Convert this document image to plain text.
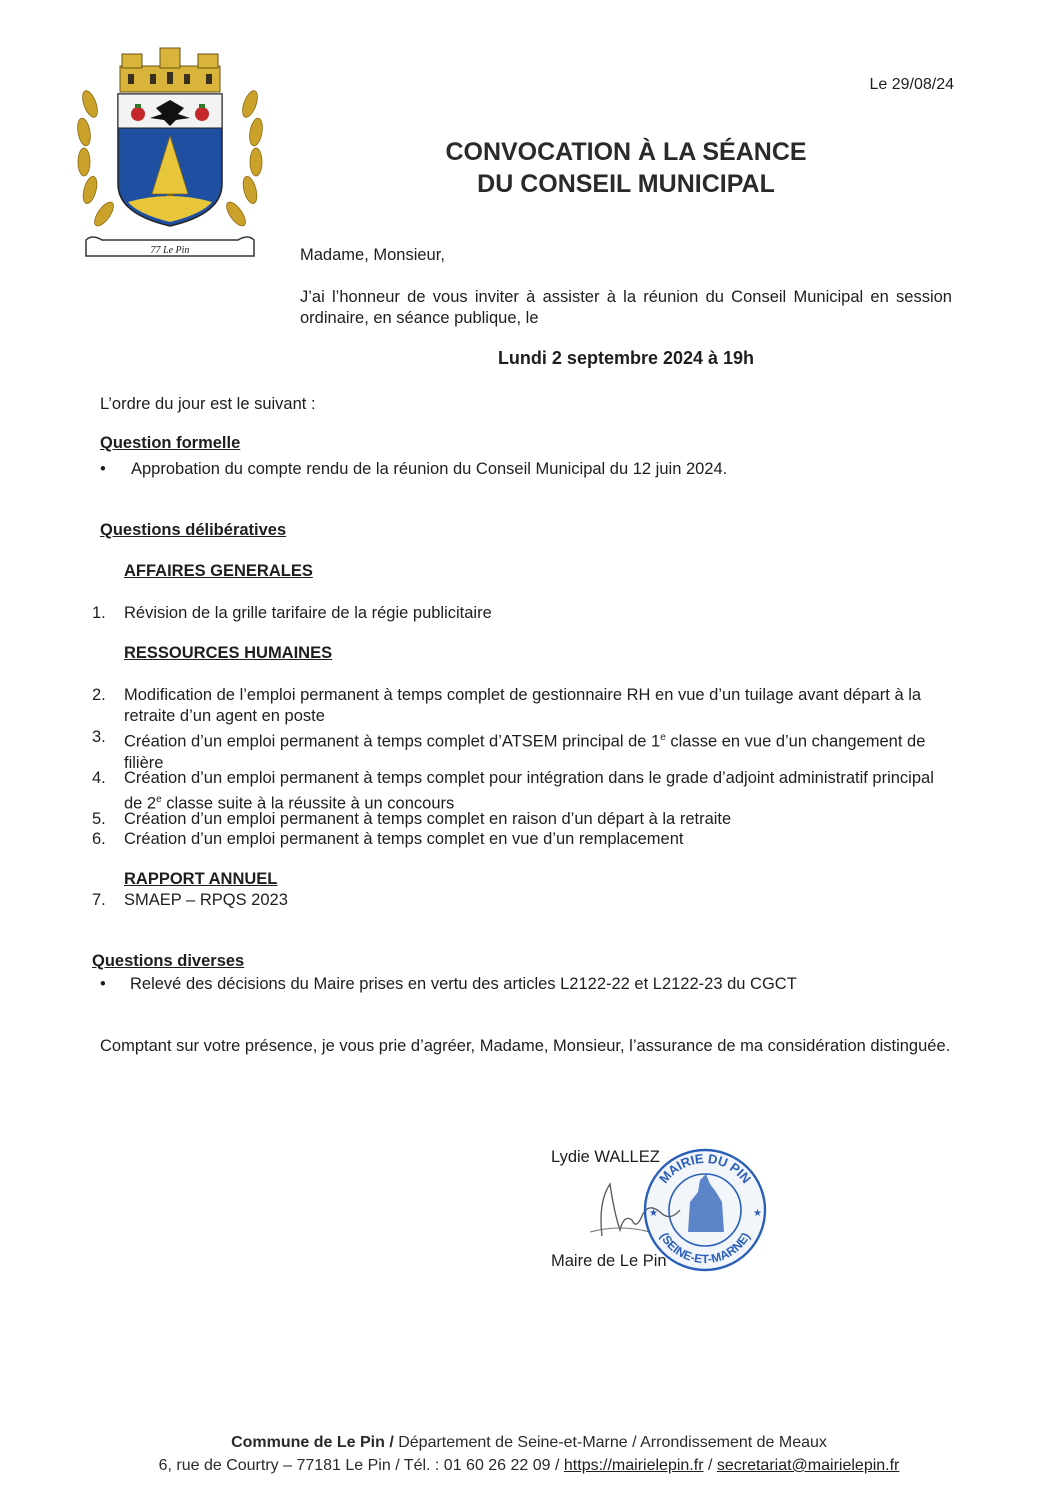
77 Le Pin
Le 29/08/24
CONVOCATION À LA SÉANCE
DU CONSEIL MUNICIPAL
Madame, Monsieur,
J’ai l’honneur de vous inviter à assister à la réunion du Conseil Municipal en session ordinaire, en séance publique, le
Lundi 2 septembre 2024 à 19h
L’ordre du jour est le suivant :
Question formelle
• Approbation du compte rendu de la réunion du Conseil Municipal du 12 juin 2024.
Questions délibératives
AFFAIRES GENERALES
1. Révision de la grille tarifaire de la régie publicitaire
RESSOURCES HUMAINES
2. Modification de l’emploi permanent à temps complet de gestionnaire RH en vue d’un tuilage avant départ à la retraite d’un agent en poste
3. Création d’un emploi permanent à temps complet d’ATSEM principal de 1e classe en vue d’un changement de filière
4. Création d’un emploi permanent à temps complet pour intégration dans le grade d’adjoint administratif principal de 2e classe suite à la réussite à un concours
5. Création d’un emploi permanent à temps complet en raison d’un départ à la retraite
6. Création d’un emploi permanent à temps complet en vue d’un remplacement
RAPPORT ANNUEL
7. SMAEP – RPQS 2023
Questions diverses
• Relevé des décisions du Maire prises en vertu des articles L2122-22 et L2122-23 du CGCT
Comptant sur votre présence, je vous prie d’agréer, Madame, Monsieur, l’assurance de ma considération distinguée.
Lydie WALLEZ
Maire de Le Pin
MAIRIE DU PIN
(SEINE-ET-MARNE)
★	★
Commune de Le Pin / Département de Seine-et-Marne / Arrondissement de Meaux
6, rue de Courtry – 77181 Le Pin / Tél. : 01 60 26 22 09 / https://mairielepin.fr / secretariat@mairielepin.fr
